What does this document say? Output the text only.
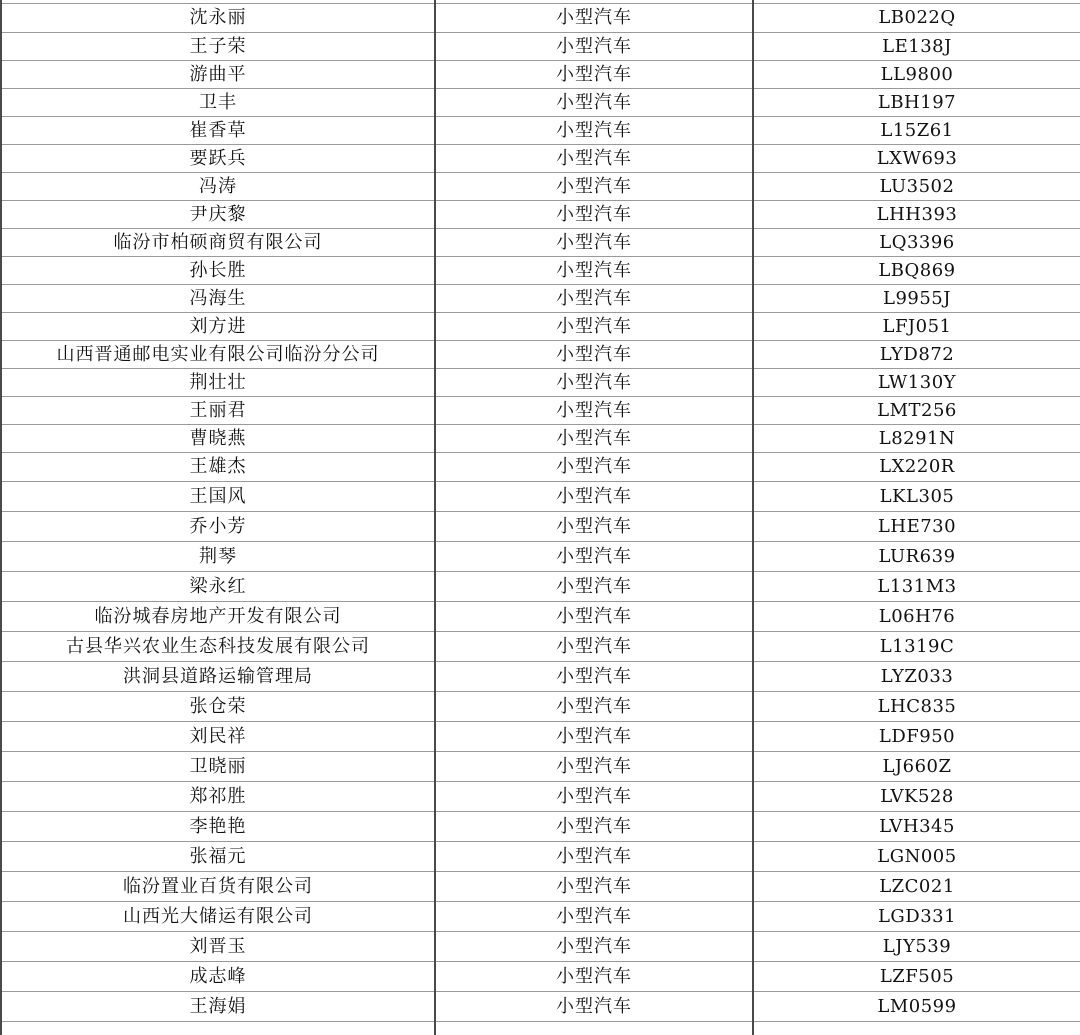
沈永丽	小型汽车	LB022Q
王子荣	小型汽车	LE138J
游曲平	小型汽车	LL9800
卫丰	小型汽车	LBH197
崔香草	小型汽车	L15Z61
要跃兵	小型汽车	LXW693
冯涛	小型汽车	LU3502
尹庆黎	小型汽车	LHH393
临汾市柏硕商贸有限公司	小型汽车	LQ3396
孙长胜	小型汽车	LBQ869
冯海生	小型汽车	L9955J
刘方进	小型汽车	LFJ051
山西晋通邮电实业有限公司临汾分公司	小型汽车	LYD872
荆壮壮	小型汽车	LW130Y
王丽君	小型汽车	LMT256
曹晓燕	小型汽车	L8291N
王雄杰	小型汽车	LX220R
王国风	小型汽车	LKL305
乔小芳	小型汽车	LHE730
荆琴	小型汽车	LUR639
梁永红	小型汽车	L131M3
临汾城春房地产开发有限公司	小型汽车	L06H76
古县华兴农业生态科技发展有限公司	小型汽车	L1319C
洪洞县道路运输管理局	小型汽车	LYZ033
张仓荣	小型汽车	LHC835
刘民祥	小型汽车	LDF950
卫晓丽	小型汽车	LJ660Z
郑祁胜	小型汽车	LVK528
李艳艳	小型汽车	LVH345
张福元	小型汽车	LGN005
临汾置业百货有限公司	小型汽车	LZC021
山西光大储运有限公司	小型汽车	LGD331
刘晋玉	小型汽车	LJY539
成志峰	小型汽车	LZF505
王海娟	小型汽车	LM0599
